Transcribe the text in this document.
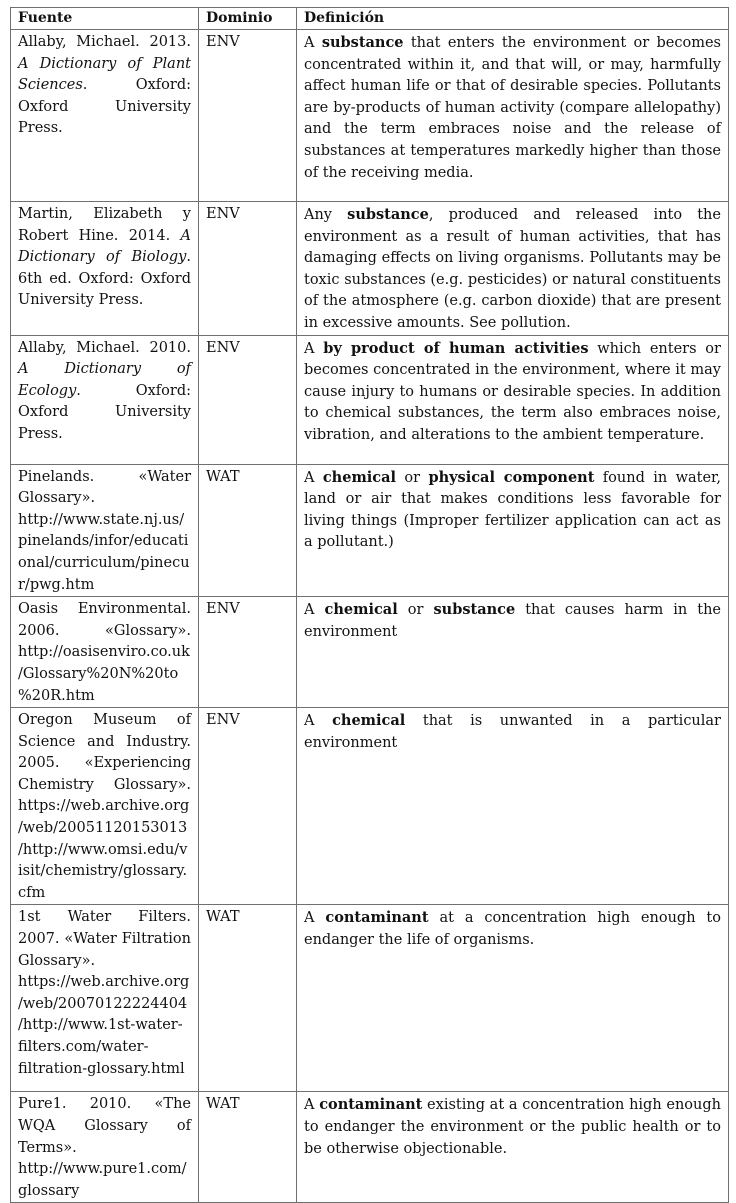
Fuente	Dominio	Definición
Allaby, Michael. 2013. A Dictionary of Plant Sciences. Oxford: Oxford University Press.	ENV	A substance that enters the environment or becomes concentrated within it, and that will, or may, harmfully affect human life or that of desirable species. Pollutants are by-products of human activity (compare allelopathy) and the term embraces noise and the release of substances at temperatures markedly higher than those of the receiving media.
Martin, Elizabeth y Robert Hine. 2014. A Dictionary of Biology. 6th ed. Oxford: Oxford University Press.	ENV	Any substance, produced and released into the environment as a result of human activities, that has damaging effects on living organisms. Pollutants may be toxic substances (e.g. pesticides) or natural constituents of the atmosphere (e.g. carbon dioxide) that are present in excessive amounts. See pollution.
Allaby, Michael. 2010. A Dictionary of Ecology. Oxford: Oxford University Press.	ENV	A by product of human activities which enters or becomes concentrated in the environment, where it may cause injury to humans or desirable species. In addition to chemical substances, the term also embraces noise, vibration, and alterations to the ambient temperature.
Pinelands. «Water Glossary». http://www.state.nj.us/pinelands/infor/educational/curriculum/pinecur/pwg.htm	WAT	A chemical or physical component found in water, land or air that makes conditions less favorable for living things (Improper fertilizer application can act as a pollutant.)
Oasis Environmental. 2006. «Glossary». http://oasisenviro.co.uk/Glossary%20N%20to%20R.htm	ENV	A chemical or substance that causes harm in the environment
Oregon Museum of Science and Industry. 2005. «Experiencing Chemistry Glossary». https://web.archive.org/web/20051120153013/http://www.omsi.edu/visit/chemistry/glossary.cfm	ENV	A chemical that is unwanted in a particular environment
1st Water Filters. 2007. «Water Filtration Glossary». https://web.archive.org/web/20070122224404/http://www.1st-water-filters.com/water-filtration-glossary.html	WAT	A contaminant at a concentration high enough to endanger the life of organisms.
Pure1. 2010. «The WQA Glossary of Terms». http://www.pure1.com/glossary	WAT	A contaminant existing at a concentration high enough to endanger the environment or the public health or to be otherwise objectionable.
